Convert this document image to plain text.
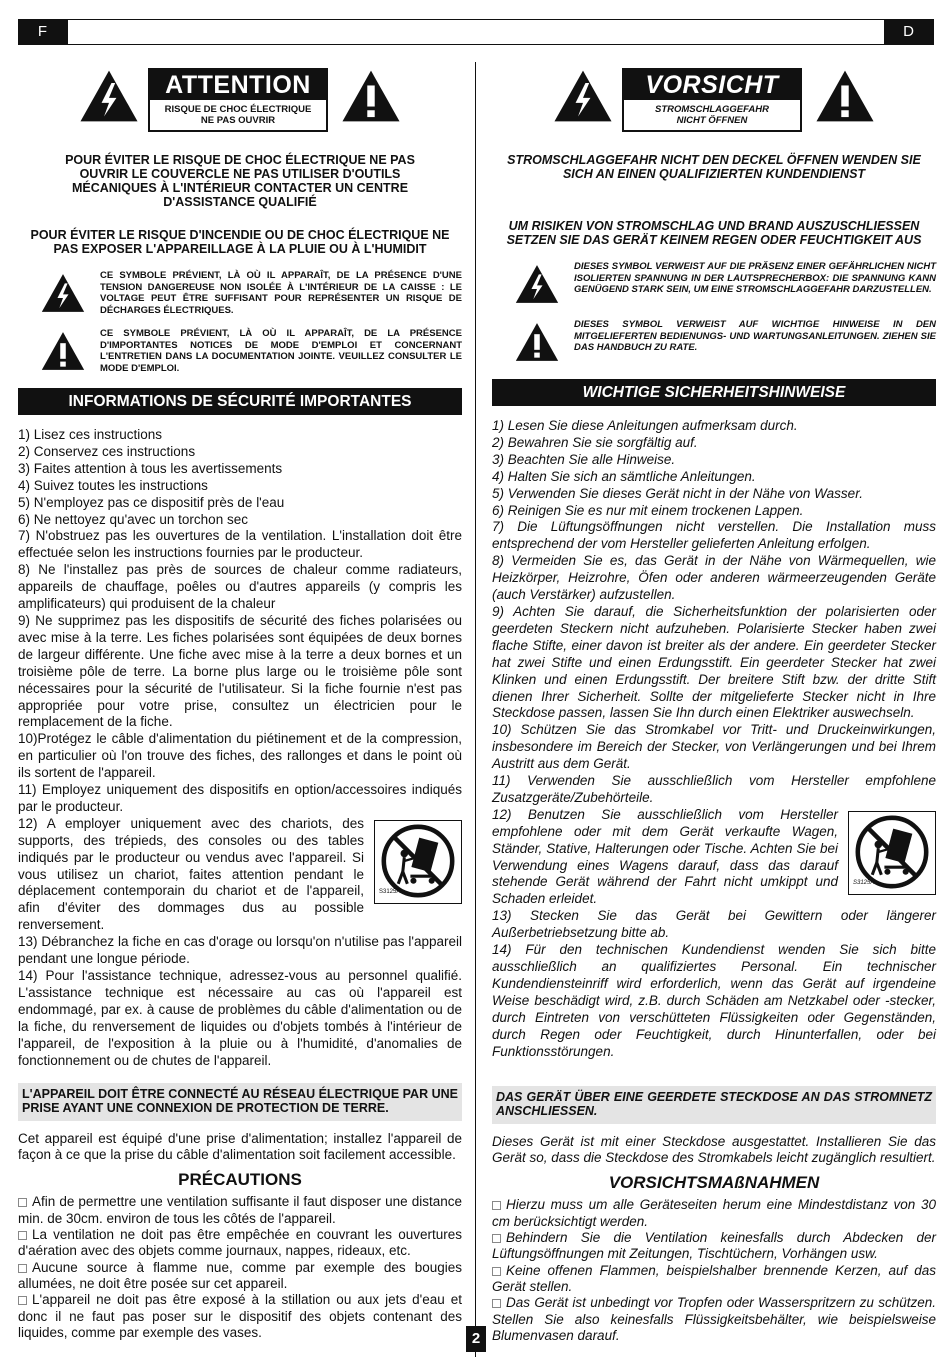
F	D
ATTENTION
RISQUE DE CHOC ÉLECTRIQUE
NE PAS OUVRIR
POUR ÉVITER LE RISQUE DE CHOC ÉLECTRIQUE NE PAS OUVRIR LE COUVERCLE NE PAS UTILISER D'OUTILS MÉCANIQUES À L'INTÉRIEUR CONTACTER UN CENTRE D'ASSISTANCE QUALIFIÉ
POUR ÉVITER LE RISQUE D'INCENDIE OU DE CHOC ÉLECTRIQUE NE PAS EXPOSER L'APPAREILLAGE À LA PLUIE OU À L'HUMIDIT
CE SYMBOLE PRÉVIENT, LÀ OÙ IL APPARAÎT, DE LA PRÉSENCE D'UNE TENSION DANGEREUSE NON ISOLÉE À L'INTÉRIEUR DE LA CAISSE : LE VOLTAGE PEUT ÊTRE SUFFISANT POUR REPRÉSENTER UN RISQUE DE DÉCHARGES ÉLECTRIQUES.
CE SYMBOLE PRÉVIENT, LÀ OÙ IL APPARAÎT, DE LA PRÉSENCE D'IMPORTANTES NOTICES DE MODE D'EMPLOI ET CONCERNANT L'ENTRETIEN DANS LA DOCUMENTATION JOINTE. VEUILLEZ CONSULTER LE MODE D'EMPLOI.
INFORMATIONS DE SÉCURITÉ IMPORTANTES

1) Lisez ces instructions

2) Conservez ces instructions

3) Faites attention à tous les avertissements

4) Suivez toutes les instructions

5) N'employez pas ce dispositif près de l'eau

6) Ne nettoyez qu'avec un torchon sec

7) N'obstruez pas les ouvertures de la ventilation. L'installation doit être effectuée selon les instructions fournies par le producteur.

8) Ne l'installez pas près de sources de chaleur comme radiateurs, appareils de chauffage, poêles ou d'autres appareils (y compris les amplificateurs) qui produisent de la chaleur

9) Ne supprimez pas les dispositifs de sécurité des fiches polarisées ou avec mise à la terre. Les fiches polarisées sont équipées de deux bornes de largeur différente. Une fiche avec mise à la terre a deux bornes et un troisième pôle de terre. La borne plus large ou le troisième pôle sont nécessaires pour la sécurité de l'utilisateur. Si la fiche fournie n'est pas appropriée pour votre prise, consultez un électricien pour le remplacement de la fiche.

10)Protégez le câble d'alimentation du piétinement et de la compression, en particulier où l'on trouve des fiches, des rallonges et dans le point où ils sortent de l'appareil.

11) Employez uniquement des dispositifs en option/accessoires indiqués par le producteur.

S3125A

12) A employer uniquement avec des chariots, des supports, des trépieds, des consoles ou des tables indiqués par le producteur ou vendus avec l'appareil. Si vous utilisez un chariot, faites attention pendant le déplacement contemporain du chariot et de l'appareil, afin d'éviter des dommages dus au possible renversement.

13) Débranchez la fiche en cas d'orage ou lorsqu'on n'utilise pas l'appareil pendant une longue période.

14) Pour l'assistance technique, adressez-vous au personnel qualifié. L'assistance technique est nécessaire au cas où l'appareil est endommagé, par ex. à cause de problèmes du câble d'alimentation ou de la fiche, du renversement de liquides ou d'objets tombés à l'intérieur de l'appareil, de l'exposition à la pluie ou à l'humidité, d'anomalies de fonctionnement ou de chutes de l'appareil.

L'APPAREIL DOIT ÊTRE CONNECTÉ AU RÉSEAU ÉLECTRIQUE PAR UNE PRISE AYANT UNE CONNEXION DE PROTECTION DE TERRE.
Cet appareil est équipé d'une prise d'alimentation; installez l'appareil de façon à ce que la prise du câble d'alimentation soit facilement accessible.
PRÉCAUTIONS

Afin de permettre une ventilation suffisante il faut disposer une distance min. de 30cm. environ de tous les côtés de l'appareil.

La ventilation ne doit pas être empêchée en couvrant les ouvertures d'aération avec des objets comme journaux, nappes, rideaux, etc.

Aucune source à flamme nue, comme par exemple des bougies allumées, ne doit être posée sur cet appareil.

L'appareil ne doit pas être exposé à la stillation ou aux jets d'eau et donc il ne faut pas poser sur le dispositif des objets contenant des liquides, comme par exemple des vases.

VORSICHT
STROMSCHLAGGEFAHR
NICHT ÖFFNEN
STROMSCHLAGGEFAHR NICHT DEN DECKEL ÖFFNEN WENDEN SIE SICH AN EINEN QUALIFIZIERTEN KUNDENDIENST
UM RISIKEN VON STROMSCHLAG UND BRAND AUSZUSCHLIESSEN SETZEN SIE DAS GERÄT KEINEM REGEN ODER FEUCHTIGKEIT AUS
DIESES SYMBOL VERWEIST AUF DIE PRÄSENZ EINER GEFÄHRLICHEN NICHT ISOLIERTEN SPANNUNG IN DER LAUTSPRECHERBOX: DIE SPANNUNG KANN GENÜGEND STARK SEIN, UM EINE STROMSCHLAGGEFAHR DARZUSTELLEN.
DIESES SYMBOL VERWEIST AUF WICHTIGE HINWEISE IN DEN MITGELIEFERTEN BEDIENUNGS- UND WARTUNGSANLEITUNGEN. ZIEHEN SIE DAS HANDBUCH ZU RATE.
WICHTIGE SICHERHEITSHINWEISE

1) Lesen Sie diese Anleitungen aufmerksam durch.

2) Bewahren Sie sie sorgfältig auf.

3) Beachten Sie alle Hinweise.

4) Halten Sie sich an sämtliche Anleitungen.

5) Verwenden Sie dieses Gerät nicht in der Nähe von Wasser.

6) Reinigen Sie es nur mit einem trockenen Lappen.

7) Die Lüftungsöffnungen nicht verstellen. Die Installation muss entsprechend der vom Hersteller gelieferten Anleitung erfolgen.

8) Vermeiden Sie es, das Gerät in der Nähe von Wärmequellen, wie Heizkörper, Heizrohre, Öfen oder anderen wärmeerzeugenden Geräte (auch Verstärker) aufzustellen.

9) Achten Sie darauf, die Sicherheitsfunktion der polarisierten oder geerdeten Steckern nicht aufzuheben. Polarisierte Stecker haben zwei flache Stifte, einer davon ist breiter als der andere. Ein geerdeter Stecker hat zwei Stifte und einen Erdungsstift. Ein geerdeter Stecker hat zwei Klinken und einen Erdungsstift. Der breitere Stift bzw. der dritte Stift dienen Ihrer Sicherheit. Sollte der mitgelieferte Stecker nicht in Ihre Steckdose passen, lassen Sie Ihn durch einen Elektriker auswechseln.

10) Schützen Sie das Stromkabel vor Tritt- und Druckeinwirkungen, insbesondere im Bereich der Stecker, von Verlängerungen und bei Ihrem Austritt aus dem Gerät.

11) Verwenden Sie ausschließlich vom Hersteller empfohlene Zusatzgeräte/Zubehörteile.

S3125A

12) Benutzen Sie ausschließlich vom Hersteller empfohlene oder mit dem Gerät verkaufte Wagen, Ständer, Stative, Halterungen oder Tische. Achten Sie bei Verwendung eines Wagens darauf, dass das darauf stehende Gerät während der Fahrt nicht umkippt und Schaden erleidet.

13) Stecken Sie das Gerät bei Gewittern oder längerer Außerbetriebsetzung bitte ab.

14) Für den technischen Kundendienst wenden Sie sich bitte ausschließlich an qualifiziertes Personal. Ein technischer Kundendiensteinriff wird erforderlich, wenn das Gerät auf irgendeine Weise beschädigt wird, z.B. durch Schäden am Netzkabel oder -stecker, durch Eintreten von verschütteten Flüssigkeiten oder Gegenständen, durch Regen oder Feuchtigkeit, durch Hinunterfallen, oder bei Funktionsstörungen.

DAS GERÄT ÜBER EINE GEERDETE STECKDOSE AN DAS STROMNETZ ANSCHLIESSEN.
Dieses Gerät ist mit einer Steckdose ausgestattet. Installieren Sie das Gerät so, dass die Steckdose des Stromkabels leicht zugänglich resultiert.
VORSICHTSMAßNAHMEN

Hierzu muss um alle Geräteseiten herum eine Mindestdistanz von 30 cm berücksichtigt werden.

Behindern Sie die Ventilation keinesfalls durch Abdecken der Lüftungsöffnungen mit Zeitungen, Tischtüchern, Vorhängen usw.

Keine offenen Flammen, beispielshalber brennende Kerzen, auf das Gerät stellen.

Das Gerät ist unbedingt vor Tropfen oder Wasserspritzern zu schützen. Stellen Sie also keinesfalls Flüssigkeitsbehälter, wie beispielsweise Blumenvasen darauf.

2
